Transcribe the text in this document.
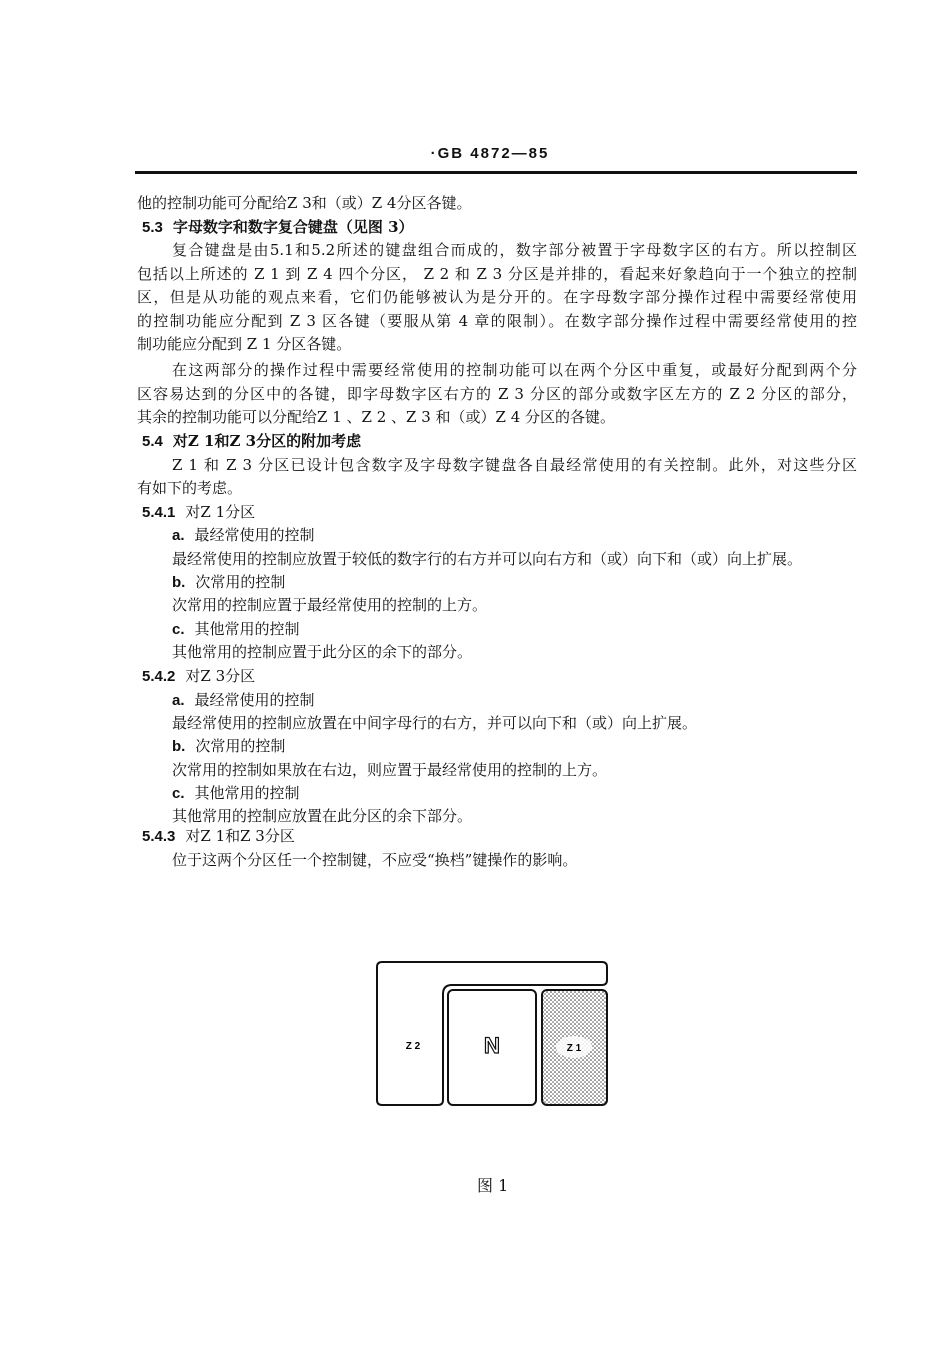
·GB 4872—85
他的控制功能可分配给Z 3和（或）Z 4分区各键。
5.3 字母数字和数字复合键盘（见图 3）
复合键盘是由5.1和5.2所述的键盘组合而成的，数字部分被置于字母数字区的右方。所以控制区
包括以上所述的 Z 1 到 Z 4 四个分区， Z 2 和 Z 3 分区是并排的，看起来好象趋向于一个独立的控制
区，但是从功能的观点来看，它们仍能够被认为是分开的。在字母数字部分操作过程中需要经常使用
的控制功能应分配到 Z 3 区各键（要服从第 4 章的限制）。在数字部分操作过程中需要经常使用的控
制功能应分配到 Z 1 分区各键。
在这两部分的操作过程中需要经常使用的控制功能可以在两个分区中重复，或最好分配到两个分
区容易达到的分区中的各键，即字母数字区右方的 Z 3 分区的部分或数字区左方的 Z 2 分区的部分，
其余的控制功能可以分配给Z 1 、Z 2 、Z 3 和（或）Z 4 分区的各键。
5.4 对Z 1和Z 3分区的附加考虑
Z 1 和 Z 3 分区已设计包含数字及字母数字键盘各自最经常使用的有关控制。此外，对这些分区
有如下的考虑。
5.4.1 对Z 1分区
a. 最经常使用的控制
最经常使用的控制应放置于较低的数字行的右方并可以向右方和（或）向下和（或）向上扩展。
b. 次常用的控制
次常用的控制应置于最经常使用的控制的上方。
c. 其他常用的控制
其他常用的控制应置于此分区的余下的部分。
5.4.2 对Z 3分区
a. 最经常使用的控制
最经常使用的控制应放置在中间字母行的右方，并可以向下和（或）向上扩展。
b. 次常用的控制
次常用的控制如果放在右边，则应置于最经常使用的控制的上方。
c. 其他常用的控制
其他常用的控制应放置在此分区的余下部分。
5.4.3 对Z 1和Z 3分区
位于这两个分区任一个控制键，不应受“换档”键操作的影响。
Z 2	N	Z 1
图 1
